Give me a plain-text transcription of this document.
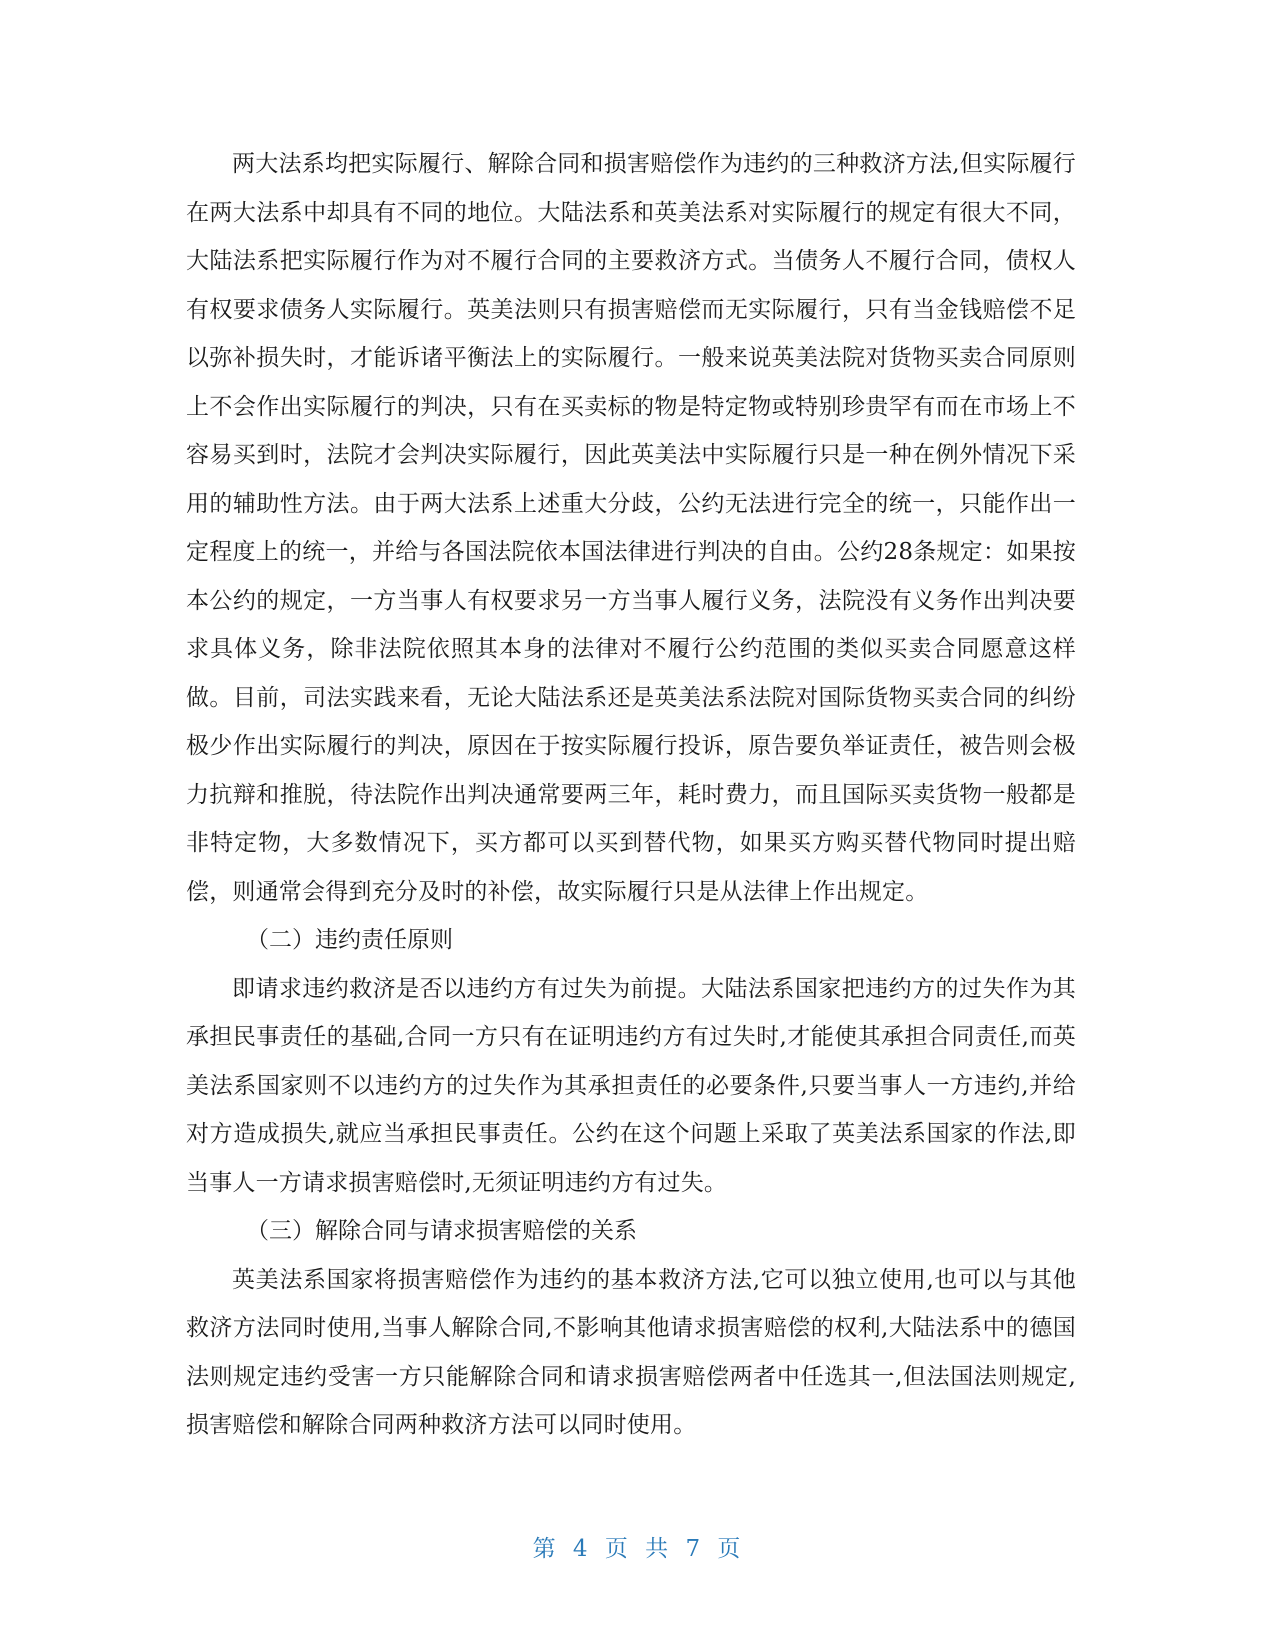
两大法系均把实际履行、解除合同和损害赔偿作为违约的三种救济方法,但实际履行在两大法系中却具有不同的地位。大陆法系和英美法系对实际履行的规定有很大不同，大陆法系把实际履行作为对不履行合同的主要救济方式。当债务人不履行合同，债权人有权要求债务人实际履行。英美法则只有损害赔偿而无实际履行，只有当金钱赔偿不足以弥补损失时，才能诉诸平衡法上的实际履行。一般来说英美法院对货物买卖合同原则上不会作出实际履行的判决，只有在买卖标的物是特定物或特别珍贵罕有而在市场上不容易买到时，法院才会判决实际履行，因此英美法中实际履行只是一种在例外情况下采用的辅助性方法。由于两大法系上述重大分歧，公约无法进行完全的统一，只能作出一定程度上的统一，并给与各国法院依本国法律进行判决的自由。公约28条规定：如果按本公约的规定，一方当事人有权要求另一方当事人履行义务，法院没有义务作出判决要求具体义务，除非法院依照其本身的法律对不履行公约范围的类似买卖合同愿意这样做。目前，司法实践来看，无论大陆法系还是英美法系法院对国际货物买卖合同的纠纷极少作出实际履行的判决，原因在于按实际履行投诉，原告要负举证责任，被告则会极力抗辩和推脱，待法院作出判决通常要两三年，耗时费力，而且国际买卖货物一般都是非特定物，大多数情况下，买方都可以买到替代物，如果买方购买替代物同时提出赔偿，则通常会得到充分及时的补偿，故实际履行只是从法律上作出规定。

（二）违约责任原则

即请求违约救济是否以违约方有过失为前提。大陆法系国家把违约方的过失作为其承担民事责任的基础,合同一方只有在证明违约方有过失时,才能使其承担合同责任,而英美法系国家则不以违约方的过失作为其承担责任的必要条件,只要当事人一方违约,并给对方造成损失,就应当承担民事责任。公约在这个问题上采取了英美法系国家的作法,即当事人一方请求损害赔偿时,无须证明违约方有过失。

（三）解除合同与请求损害赔偿的关系

英美法系国家将损害赔偿作为违约的基本救济方法,它可以独立使用,也可以与其他救济方法同时使用,当事人解除合同,不影响其他请求损害赔偿的权利,大陆法系中的德国法则规定违约受害一方只能解除合同和请求损害赔偿两者中任选其一,但法国法则规定,损害赔偿和解除合同两种救济方法可以同时使用。

第 4 页 共 7 页
